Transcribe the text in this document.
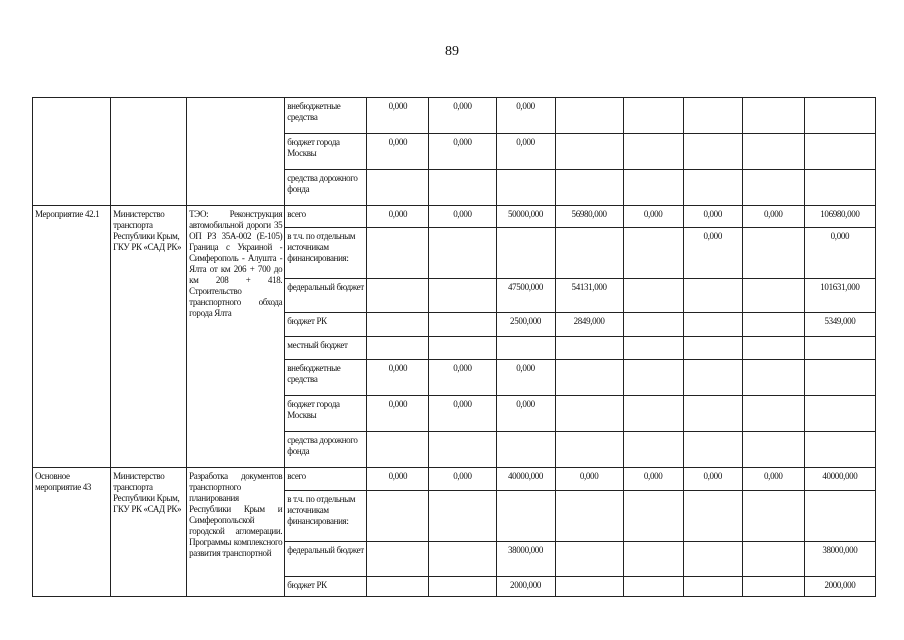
89
			внебюджетные средства	0,000	0,000	0,000					
			бюджет города Москвы	0,000	0,000	0,000					
			средства дорожного фонда								
Мероприятие 42.1	Министерство транспорта Республики Крым, ГКУ РК «САД РК»	ТЭО: Реконструкция автомобильной дороги 35 ОП РЗ 35А-002 (Е-105) Граница с Украиной - Симферополь - Алушта - Ялта от км 206 + 700 до км 208 + 418. Строительство транспортного обхода города Ялта	всего	0,000	0,000	50000,000	56980,000	0,000	0,000	0,000	106980,000
			в т.ч. по отдельным источникам финансирования:						0,000		0,000
			федеральный бюджет			47500,000	54131,000				101631,000
			бюджет РК			2500,000	2849,000				5349,000
			местный бюджет								
			внебюджетные средства	0,000	0,000	0,000					
			бюджет города Москвы	0,000	0,000	0,000					
			средства дорожного фонда								
Основное мероприятие 43	Министерство транспорта Республики Крым, ГКУ РК «САД РК»	Разработка документов транспортного планирования Республики Крым и Симферопольской городской агломерации. Программы комплексного развития транспортной	всего	0,000	0,000	40000,000	0,000	0,000	0,000	0,000	40000,000
			в т.ч. по отдельным источникам финансирования:								
			федеральный бюджет			38000,000					38000,000
			бюджет РК			2000,000					2000,000
